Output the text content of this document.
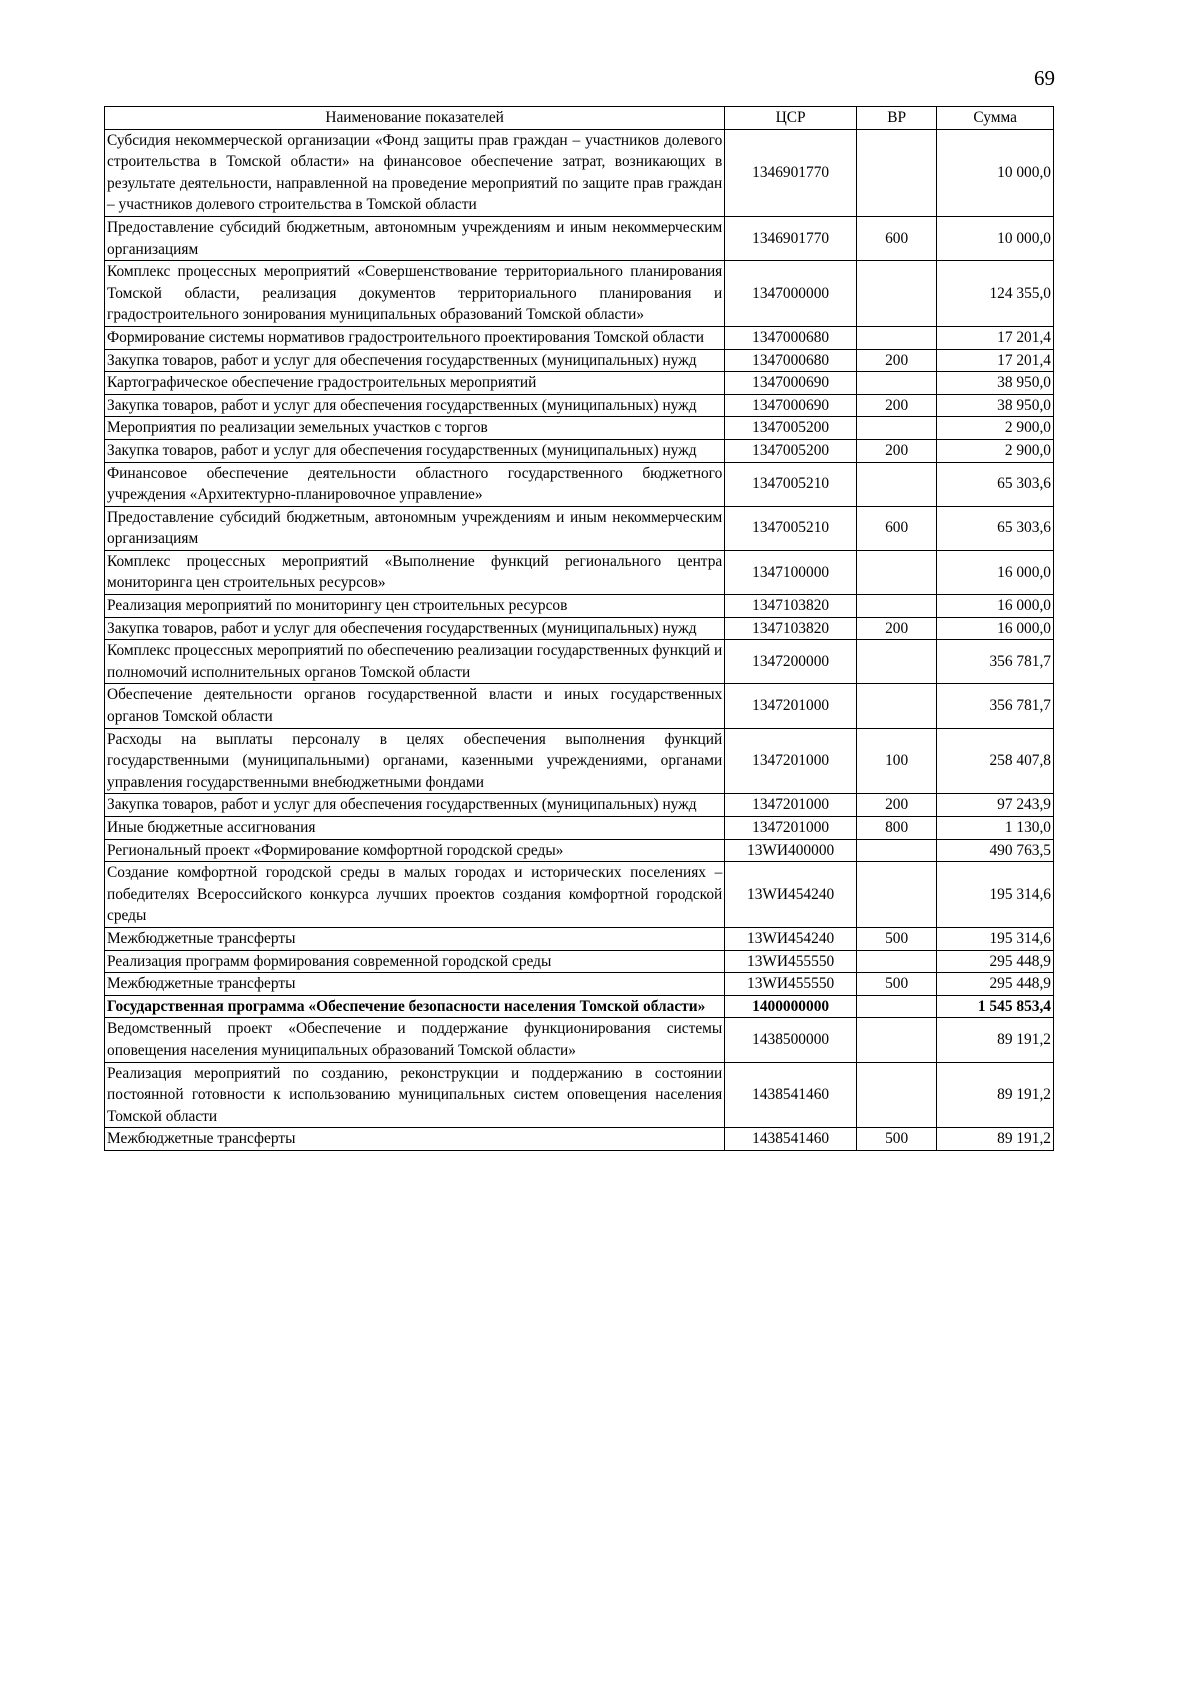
69
Наименование показателей	ЦСР	ВР	Сумма
Субсидия некоммерческой организации «Фонд защиты прав граждан – участников долевого строительства в Томской области» на финансовое обеспечение затрат, возникающих в результате деятельности, направленной на проведение мероприятий по защите прав граждан – участников долевого строительства в Томской области	1346901770		10 000,0
Предоставление субсидий бюджетным, автономным учреждениям и иным некоммерческим организациям	1346901770	600	10 000,0
Комплекс процессных мероприятий «Совершенствование территориального планирования Томской области, реализация документов территориального планирования и градостроительного зонирования муниципальных образований Томской области»	1347000000		124 355,0
Формирование системы нормативов градостроительного проектирования Томской области	1347000680		17 201,4
Закупка товаров, работ и услуг для обеспечения государственных (муниципальных) нужд	1347000680	200	17 201,4
Картографическое обеспечение градостроительных мероприятий	1347000690		38 950,0
Закупка товаров, работ и услуг для обеспечения государственных (муниципальных) нужд	1347000690	200	38 950,0
Мероприятия по реализации земельных участков с торгов	1347005200		2 900,0
Закупка товаров, работ и услуг для обеспечения государственных (муниципальных) нужд	1347005200	200	2 900,0
Финансовое обеспечение деятельности областного государственного бюджетного учреждения «Архитектурно-планировочное управление»	1347005210		65 303,6
Предоставление субсидий бюджетным, автономным учреждениям и иным некоммерческим организациям	1347005210	600	65 303,6
Комплекс процессных мероприятий «Выполнение функций регионального центра мониторинга цен строительных ресурсов»	1347100000		16 000,0
Реализация мероприятий по мониторингу цен строительных ресурсов	1347103820		16 000,0
Закупка товаров, работ и услуг для обеспечения государственных (муниципальных) нужд	1347103820	200	16 000,0
Комплекс процессных мероприятий по обеспечению реализации государственных функций и полномочий исполнительных органов Томской области	1347200000		356 781,7
Обеспечение деятельности органов государственной власти и иных государственных органов Томской области	1347201000		356 781,7
Расходы на выплаты персоналу в целях обеспечения выполнения функций государственными (муниципальными) органами, казенными учреждениями, органами управления государственными внебюджетными фондами	1347201000	100	258 407,8
Закупка товаров, работ и услуг для обеспечения государственных (муниципальных) нужд	1347201000	200	97 243,9
Иные бюджетные ассигнования	1347201000	800	1 130,0
Региональный проект «Формирование комфортной городской среды»	13WИ400000		490 763,5
Создание комфортной городской среды в малых городах и исторических поселениях – победителях Всероссийского конкурса лучших проектов создания комфортной городской среды	13WИ454240		195 314,6
Межбюджетные трансферты	13WИ454240	500	195 314,6
Реализация программ формирования современной городской среды	13WИ455550		295 448,9
Межбюджетные трансферты	13WИ455550	500	295 448,9
Государственная программа «Обеспечение безопасности населения Томской области»	1400000000		1 545 853,4
Ведомственный проект «Обеспечение и поддержание функционирования системы оповещения населения муниципальных образований Томской области»	1438500000		89 191,2
Реализация мероприятий по созданию, реконструкции и поддержанию в состоянии постоянной готовности к использованию муниципальных систем оповещения населения Томской области	1438541460		89 191,2
Межбюджетные трансферты	1438541460	500	89 191,2
